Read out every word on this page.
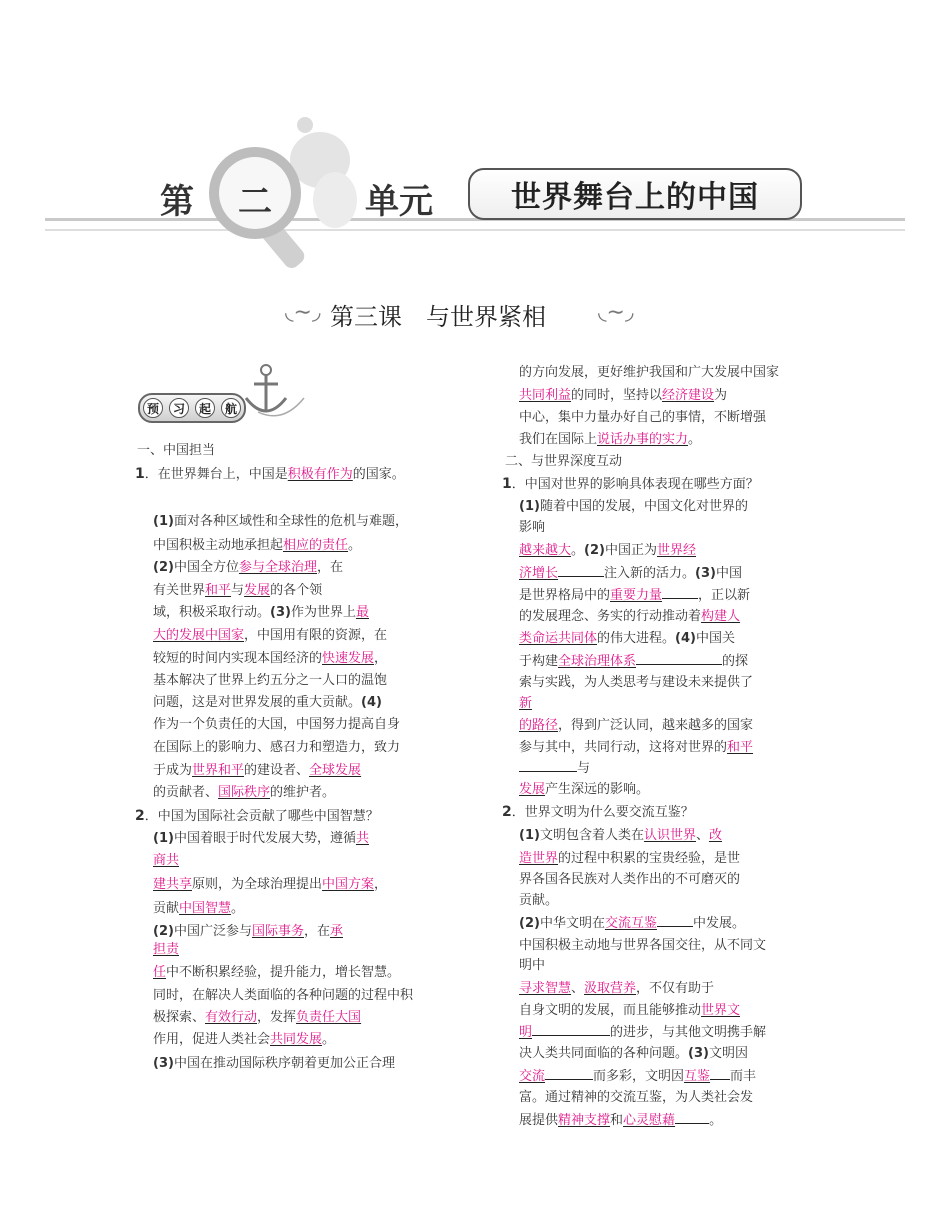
第 二	单元	世界舞台上的中国
◟∼◞ 第三课　与世界紧相 ◟∼◞
预	习	起	航
一、中国担当
1．在世界舞台上，中国是积极有作为的国家。
(1)面对各种区域性和全球性的危机与难题，
中国积极主动地承担起相应的责任。
(2)中国全方位参与全球治理，在
有关世界和平与发展的各个领
域，积极采取行动。(3)作为世界上最
大的发展中国家，中国用有限的资源，在
较短的时间内实现本国经济的快速发展，
基本解决了世界上约五分之一人口的温饱
问题，这是对世界发展的重大贡献。(4)
作为一个负责任的大国，中国努力提高自身
在国际上的影响力、感召力和塑造力，致力
于成为世界和平的建设者、全球发展
的贡献者、国际秩序的维护者。
2．中国为国际社会贡献了哪些中国智慧？
(1)中国着眼于时代发展大势，遵循共
商共
建共享原则，为全球治理提出中国方案，
贡献中国智慧。
(2)中国广泛参与国际事务，在承
担责
任中不断积累经验，提升能力，增长智慧。
同时，在解决人类面临的各种问题的过程中积
极探索、有效行动，发挥负责任大国
作用，促进人类社会共同发展。
(3)中国在推动国际秩序朝着更加公正合理
的方向发展，更好维护我国和广大发展中国家
共同利益的同时，坚持以经济建设为
中心，集中力量办好自己的事情，不断增强
我们在国际上说话办事的实力。
二、与世界深度互动
1．中国对世界的影响具体表现在哪些方面？
(1)随着中国的发展，中国文化对世界的
影响
越来越大。(2)中国正为世界经
济增长	注入新的活力。(3)中国
是世界格局中的重要力量	，正以新
的发展理念、务实的行动推动着构建人
类命运共同体的伟大进程。(4)中国关
于构建全球治理体系	的探
索与实践，为人类思考与建设未来提供了
新
的路径，得到广泛认同，越来越多的国家
参与其中，共同行动，这将对世界的和平
与
发展产生深远的影响。
2．世界文明为什么要交流互鉴？
(1)文明包含着人类在认识世界、改
造世界的过程中积累的宝贵经验，是世
界各国各民族对人类作出的不可磨灭的
贡献。
(2)中华文明在交流互鉴	中发展。
中国积极主动地与世界各国交往，从不同文
明中
寻求智慧、汲取营养，不仅有助于
自身文明的发展，而且能够推动世界文
明	的进步，与其他文明携手解
决人类共同面临的各种问题。(3)文明因
交流	而多彩，文明因互鉴 而丰
富。通过精神的交流互鉴，为人类社会发
展提供精神支撑和心灵慰藉	。
